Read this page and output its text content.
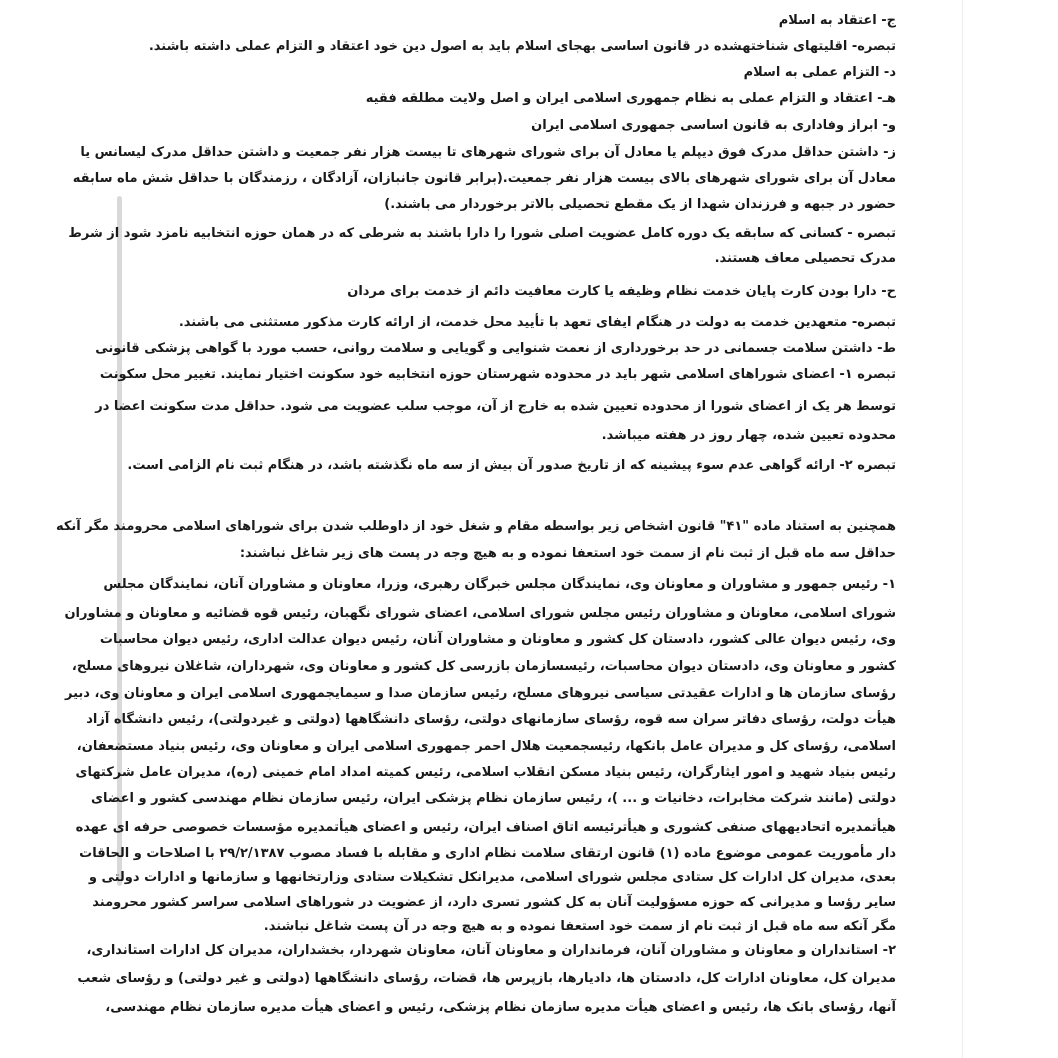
ج- اعتقاد به اسلام
تبصره- اقلیتهای شناختهشده در قانون اساسی بهجای اسلام باید به اصول دین خود اعتقاد و التزام عملی داشته باشند.
د- التزام عملی به اسلام
هـ- اعتقاد و التزام عملی به نظام جمهوری اسلامی ایران و اصل ولایت مطلقه فقیه
و- ابراز وفاداری به قانون اساسی جمهوری اسلامی ایران
ز- داشتن حداقل مدرک فوق دیپلم یا معادل آن برای شورای شهرهای تا بیست هزار نفر جمعیت و داشتن حداقل مدرک لیسانس یا
معادل آن برای شورای شهرهای بالای بیست هزار نفر جمعیت.(برابر قانون جانبازان، آزادگان ، رزمندگان با حداقل شش ماه سابقه
حضور در جبهه و فرزندان شهدا از یک مقطع تحصیلی بالاتر برخوردار می باشند.)
تبصره - کسانی که سابقه یک دوره کامل عضویت اصلی شورا را دارا باشند به شرطی که در همان حوزه انتخابیه نامزد شود از شرط
مدرک تحصیلی معاف هستند.
ح- دارا بودن کارت پایان خدمت نظام وظیفه یا کارت معافیت دائم از خدمت برای مردان
تبصره- متعهدین خدمت به دولت در هنگام ایفای تعهد با تأیید محل خدمت، از ارائه کارت مذکور مستثنی می باشند.
ط- داشتن سلامت جسمانی در حد برخورداری از نعمت شنوایی و گویایی و سلامت روانی، حسب مورد با گواهی پزشکی قانونی
تبصره ۱- اعضای شوراهای اسلامی شهر باید در محدوده شهرستان حوزه انتخابیه خود سکونت اختیار نمایند. تغییر محل سکونت
توسط هر یک از اعضای شورا از محدوده تعیین شده به خارج از آن، موجب سلب عضویت می شود. حداقل مدت سکونت اعضا در
محدوده تعیین شده، چهار روز در هفته میباشد.
تبصره ۲- ارائه گواهی عدم سوء پیشینه که از تاریخ صدور آن بیش از سه ماه نگذشته باشد، در هنگام ثبت نام الزامی است.
همچنین به استناد ماده "۴۱" قانون اشخاص زیر بواسطه مقام و شغل خود از داوطلب شدن برای شوراهای اسلامی محرومند مگر آنکه
حداقل سه ماه قبل از ثبت نام از سمت خود استعفا نموده و به هیچ وجه در پست های زیر شاغل نباشند:
۱- رئیس جمهور و مشاوران و معاونان وی، نمایندگان مجلس خبرگان رهبری، وزرا، معاونان و مشاوران آنان، نمایندگان مجلس
شورای اسلامی، معاونان و مشاوران رئیس مجلس شورای اسلامی، اعضای شورای نگهبان، رئیس قوه قضائیه و معاونان و مشاوران
وی، رئیس دیوان عالی کشور، دادستان کل کشور و معاونان و مشاوران آنان، رئیس دیوان عدالت اداری، رئیس دیوان محاسبات
کشور و معاونان وی، دادستان دیوان محاسبات، رئیسسازمان بازرسی کل کشور و معاونان وی، شهرداران، شاغلان نیروهای مسلح،
رؤسای سازمان ها و ادارات عقیدتی سیاسی نیروهای مسلح، رئیس سازمان صدا و سیمایجمهوری اسلامی ایران و معاونان وی، دبیر
هیأت دولت، رؤسای دفاتر سران سه قوه، رؤسای سازمانهای دولتی، رؤسای دانشگاهها (دولتی و غیردولتی)، رئیس دانشگاه آزاد
اسلامی، رؤسای کل و مدیران عامل بانکها، رئیسجمعیت هلال احمر جمهوری اسلامی ایران و معاونان وی، رئیس بنیاد مستضعفان،
رئیس بنیاد شهید و امور ایثارگران، رئیس بنیاد مسکن انقلاب اسلامی، رئیس کمیته امداد امام خمینی (ره)، مدیران عامل شرکتهای
دولتی (مانند شرکت مخابرات، دخانیات و ... )، رئیس سازمان نظام پزشکی ایران، رئیس سازمان نظام مهندسی کشور و اعضای
هیأتمدیره اتحادیههای صنفی کشوری و هیأترئیسه اتاق اصناف ایران، رئیس و اعضای هیأتمدیره مؤسسات خصوصی حرفه ای عهده
دار مأموریت عمومی موضوع ماده (۱) قانون ارتقای سلامت نظام اداری و مقابله با فساد مصوب ۲۹/۲/۱۳۸۷ با اصلاحات و الحاقات
بعدی، مدیران کل ادارات کل ستادی مجلس شورای اسلامی، مدیرانکل تشکیلات ستادی وزارتخانهها و سازمانها و ادارات دولتی و
سایر رؤسا و مدیرانی که حوزه مسؤولیت آنان به کل کشور تسری دارد، از عضویت در شوراهای اسلامی سراسر کشور محرومند
مگر آنکه سه ماه قبل از ثبت نام از سمت خود استعفا نموده و به هیچ وجه در آن پست شاغل نباشند.
۲- استانداران و معاونان و مشاوران آنان، فرمانداران و معاونان آنان، معاونان شهردار، بخشداران، مدیران کل ادارات استانداری،
مدیران کل، معاونان ادارات کل، دادستان ها، دادیارها، بازپرس ها، قضات، رؤسای دانشگاهها (دولتی و غیر دولتی) و رؤسای شعب
آنها، رؤسای بانک ها، رئیس و اعضای هیأت مدیره سازمان نظام پزشکی، رئیس و اعضای هیأت مدیره سازمان نظام مهندسی،
